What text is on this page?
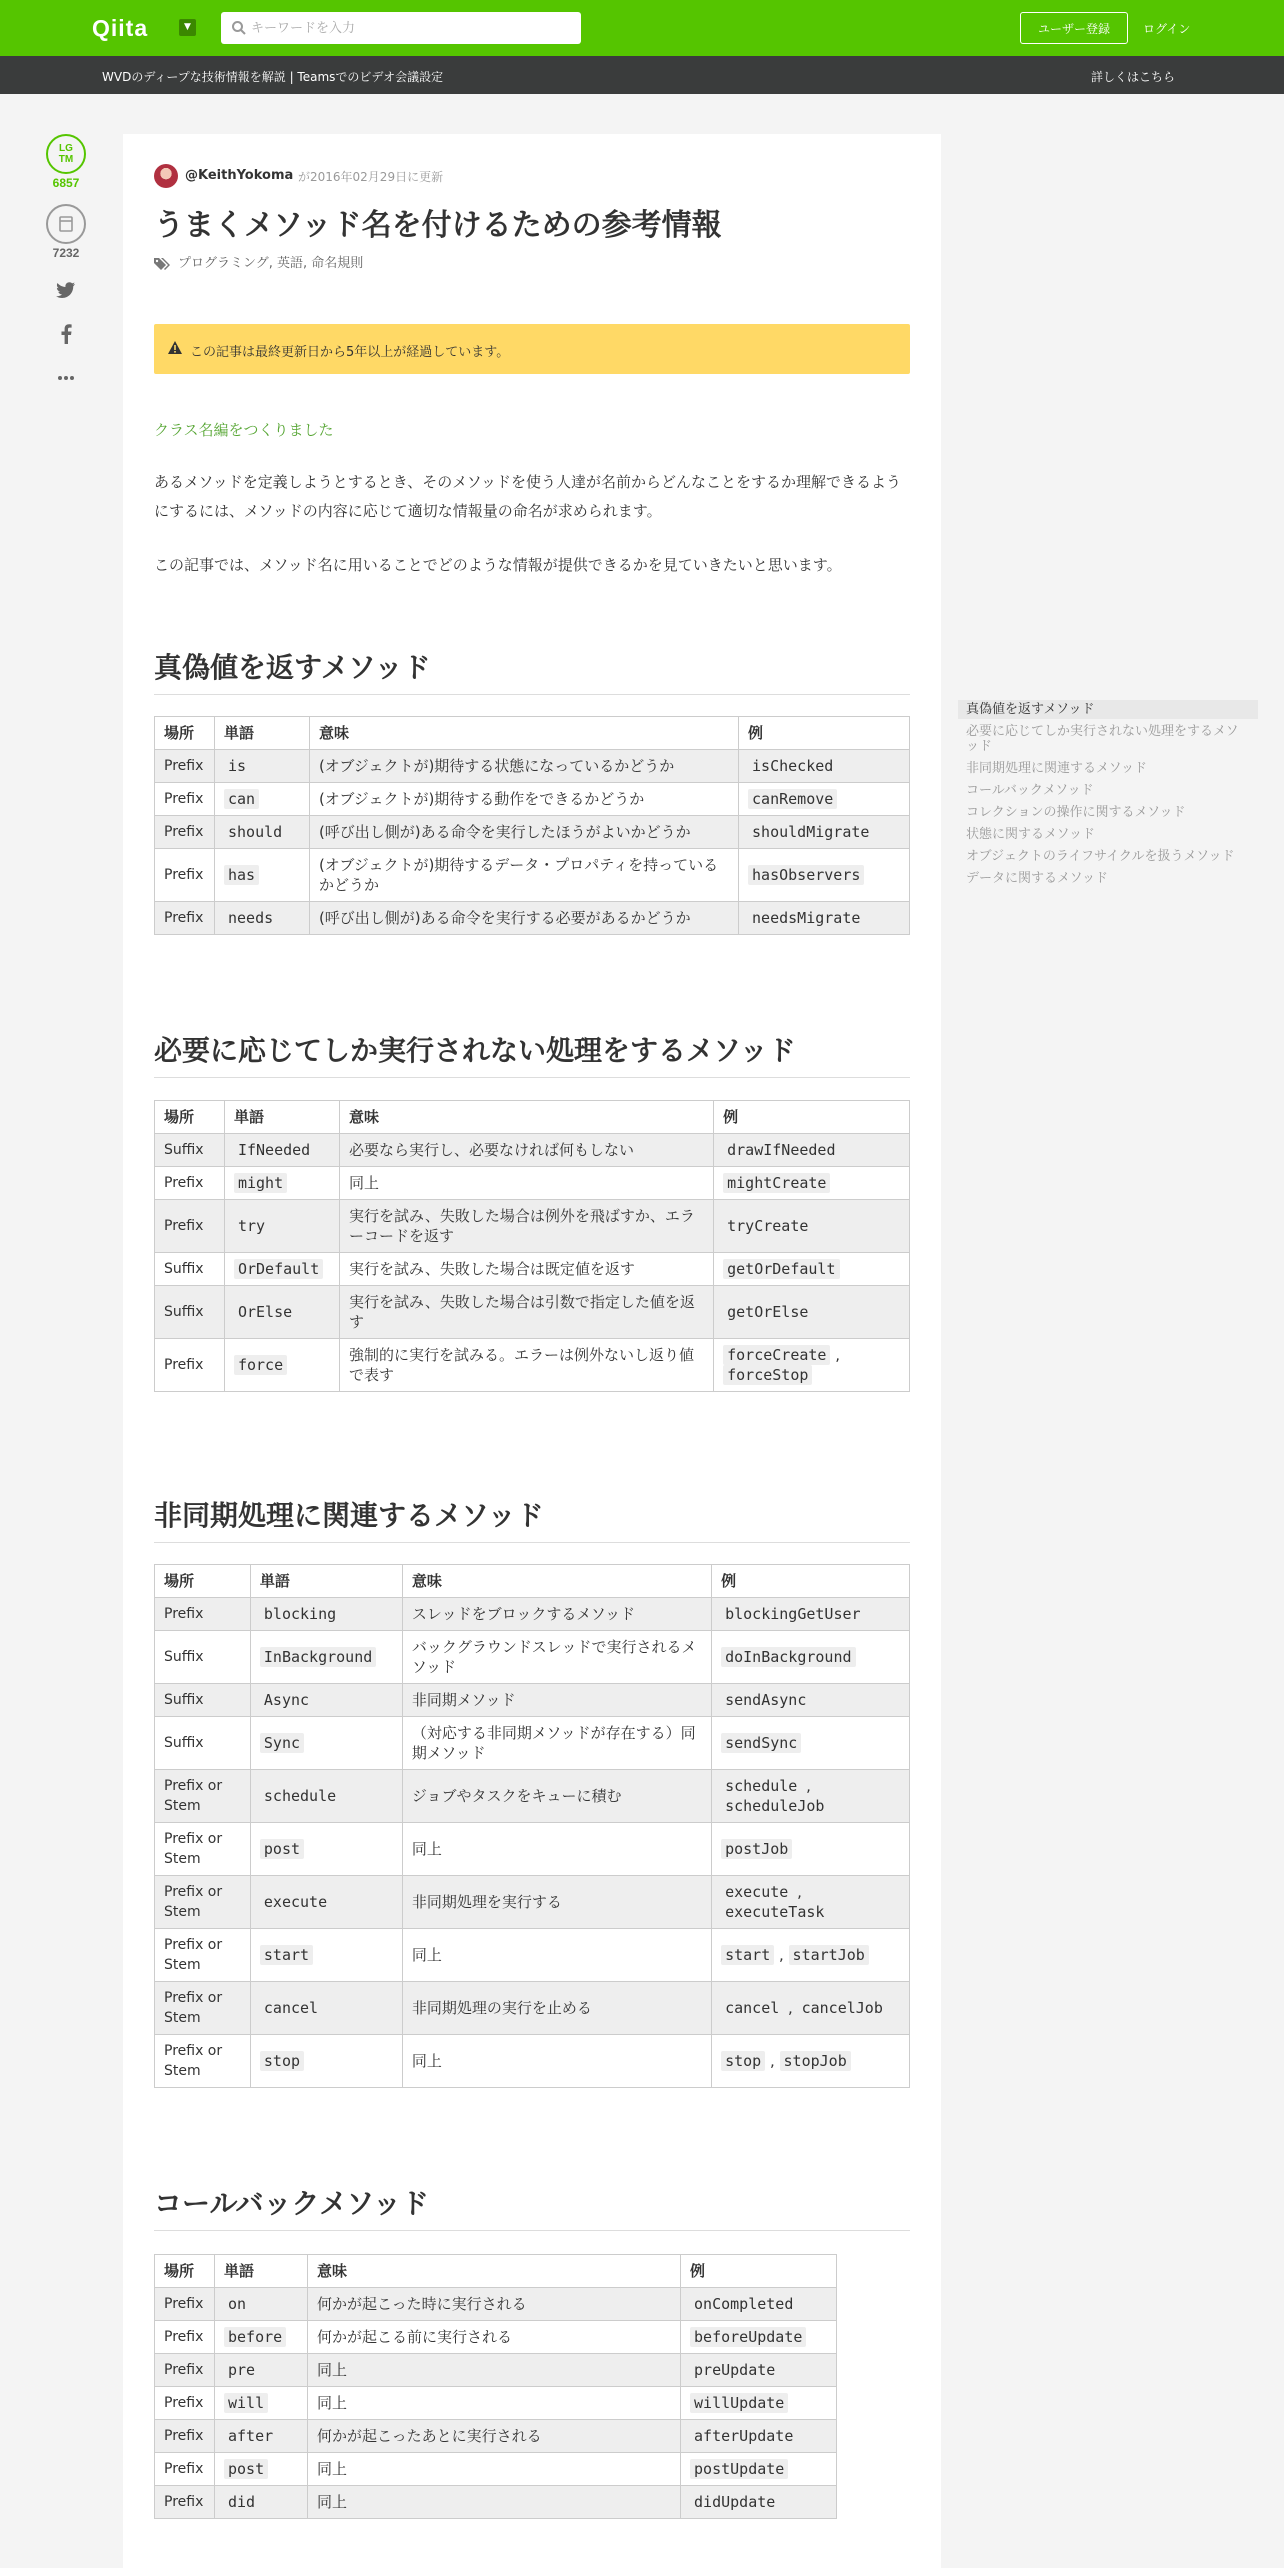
Qiita	▼
キーワードを入力	ユーザー登録	ログイン
WVDのディープな技術情報を解説 | Teamsでのビデオ会議設定	詳しくはこちら
LG
TM
6857
7232
@KeithYokoma が2016年02月29日に更新
うまくメソッド名を付けるための参考情報
プログラミング, 英語, 命名規則
この記事は最終更新日から5年以上が経過しています。
クラス名編をつくりました

あるメソッドを定義しようとするとき、そのメソッドを使う人達が名前からどんなことをするか理解できるようにするには、メソッドの内容に応じて適切な情報量の命名が求められます。

この記事では、メソッド名に用いることでどのような情報が提供できるかを見ていきたいと思います。

真偽値を返すメソッド
場所	単語	意味	例
Prefix	is	(オブジェクトが)期待する状態になっているかどうか	isChecked
Prefix	can	(オブジェクトが)期待する動作をできるかどうか	canRemove
Prefix	should	(呼び出し側が)ある命令を実行したほうがよいかどうか	shouldMigrate
Prefix	has	(オブジェクトが)期待するデータ・プロパティを持っているかどうか	hasObservers
Prefix	needs	(呼び出し側が)ある命令を実行する必要があるかどうか	needsMigrate
必要に応じてしか実行されない処理をするメソッド
場所	単語	意味	例
Suffix	IfNeeded	必要なら実行し、必要なければ何もしない	drawIfNeeded
Prefix	might	同上	mightCreate
Prefix	try	実行を試み、失敗した場合は例外を飛ばすか、エラーコードを返す	tryCreate
Suffix	OrDefault	実行を試み、失敗した場合は既定値を返す	getOrDefault
Suffix	OrElse	実行を試み、失敗した場合は引数で指定した値を返す	getOrElse
Prefix	force	強制的に実行を試みる。エラーは例外ないし返り値で表す	forceCreate , forceStop
非同期処理に関連するメソッド
場所	単語	意味	例
Prefix	blocking	スレッドをブロックするメソッド	blockingGetUser
Suffix	InBackground	バックグラウンドスレッドで実行されるメソッド	doInBackground
Suffix	Async	非同期メソッド	sendAsync
Suffix	Sync	（対応する非同期メソッドが存在する）同期メソッド	sendSync
Prefix or Stem	schedule	ジョブやタスクをキューに積む	schedule , scheduleJob
Prefix or Stem	post	同上	postJob
Prefix or Stem	execute	非同期処理を実行する	execute , executeTask
Prefix or Stem	start	同上	start , startJob
Prefix or Stem	cancel	非同期処理の実行を止める	cancel , cancelJob
Prefix or Stem	stop	同上	stop , stopJob
コールバックメソッド
場所	単語	意味	例
Prefix	on	何かが起こった時に実行される	onCompleted
Prefix	before	何かが起こる前に実行される	beforeUpdate
Prefix	pre	同上	preUpdate
Prefix	will	同上	willUpdate
Prefix	after	何かが起こったあとに実行される	afterUpdate
Prefix	post	同上	postUpdate
Prefix	did	同上	didUpdate
真偽値を返すメソッド
必要に応じてしか実行されない処理をするメソッド
非同期処理に関連するメソッド
コールバックメソッド
コレクションの操作に関するメソッド
状態に関するメソッド
オブジェクトのライフサイクルを扱うメソッド
データに関するメソッド
